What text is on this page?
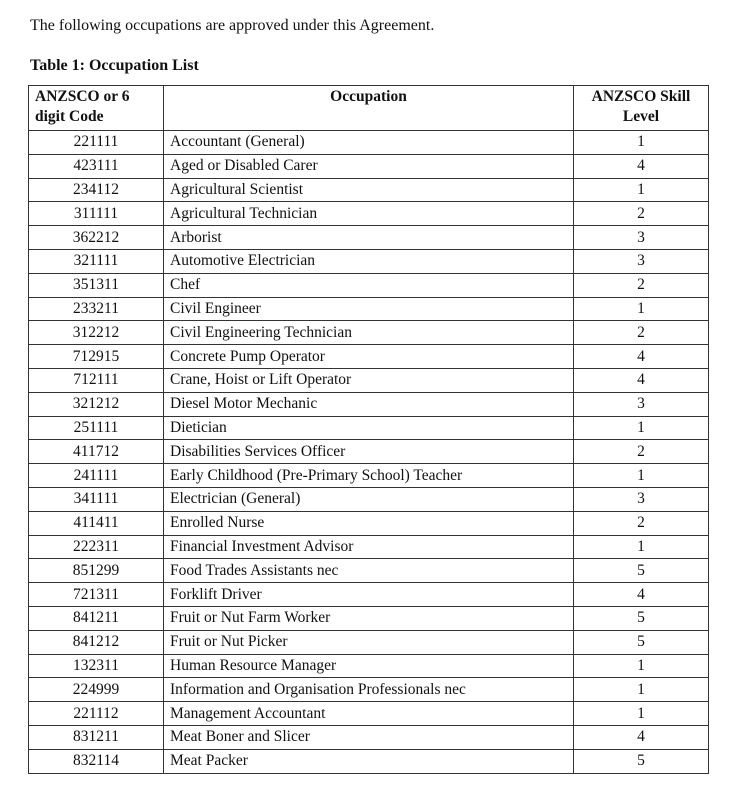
The following occupations are approved under this Agreement.
Table 1: Occupation List
ANZSCO or 6 digit Code	Occupation	ANZSCO Skill Level
221111	Accountant (General)	1
423111	Aged or Disabled Carer	4
234112	Agricultural Scientist	1
311111	Agricultural Technician	2
362212	Arborist	3
321111	Automotive Electrician	3
351311	Chef	2
233211	Civil Engineer	1
312212	Civil Engineering Technician	2
712915	Concrete Pump Operator	4
712111	Crane, Hoist or Lift Operator	4
321212	Diesel Motor Mechanic	3
251111	Dietician	1
411712	Disabilities Services Officer	2
241111	Early Childhood (Pre-Primary School) Teacher	1
341111	Electrician (General)	3
411411	Enrolled Nurse	2
222311	Financial Investment Advisor	1
851299	Food Trades Assistants nec	5
721311	Forklift Driver	4
841211	Fruit or Nut Farm Worker	5
841212	Fruit or Nut Picker	5
132311	Human Resource Manager	1
224999	Information and Organisation Professionals nec	1
221112	Management Accountant	1
831211	Meat Boner and Slicer	4
832114	Meat Packer	5
